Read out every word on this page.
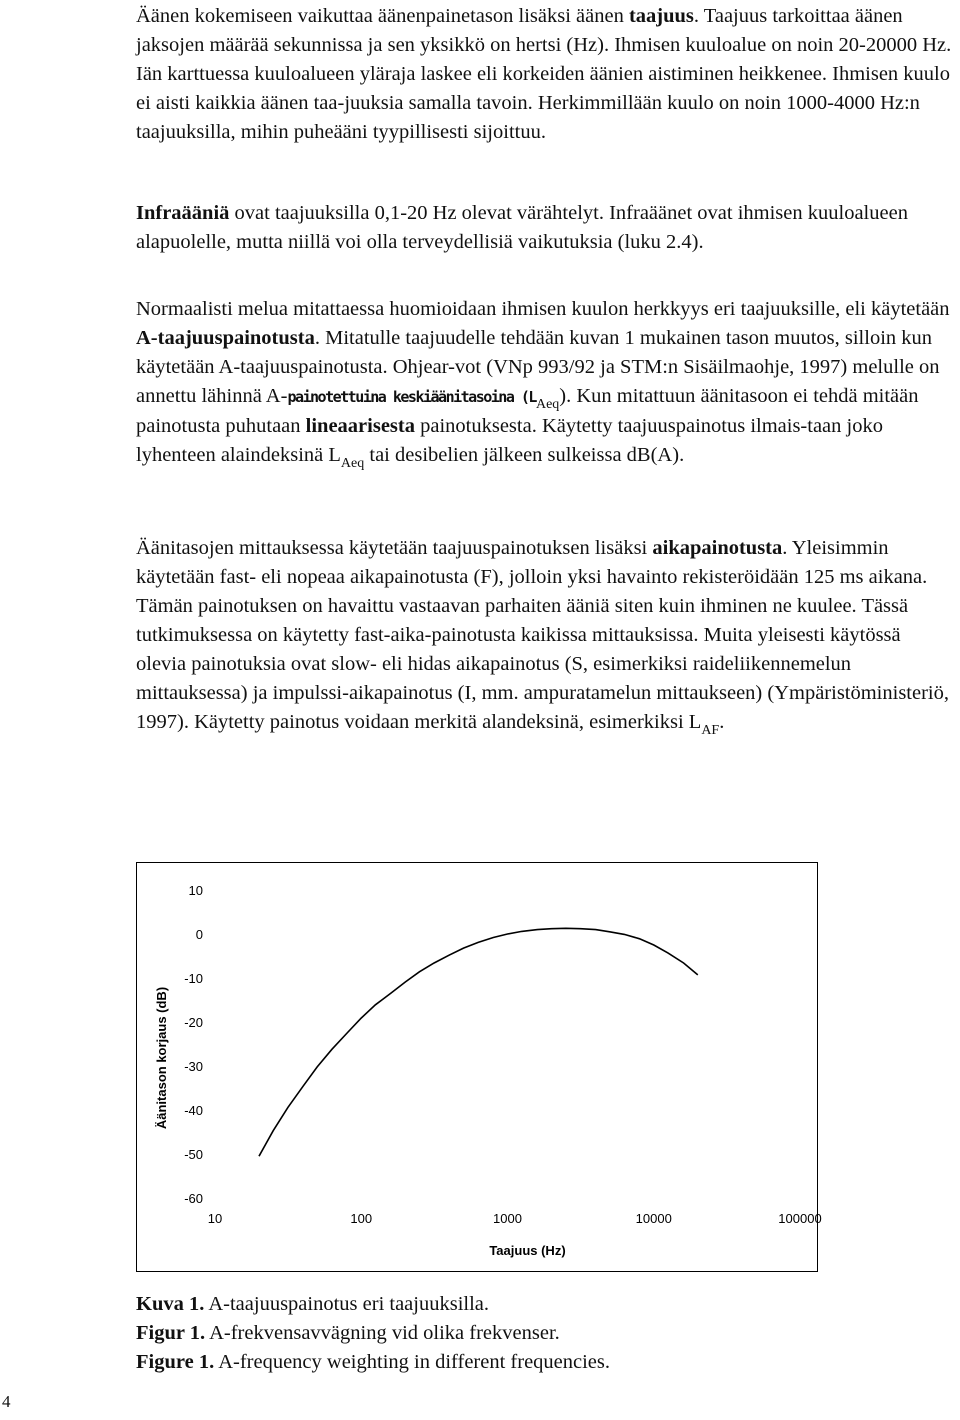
Äänen kokemiseen vaikuttaa äänenpainetason lisäksi äänen taajuus. Taajuus tarkoittaa äänen jaksojen määrää sekunnissa ja sen yksikkö on hertsi (Hz). Ihmisen kuuloalue on noin 20-20000 Hz. Iän karttuessa kuuloalueen yläraja laskee eli korkeiden äänien aistiminen heikkenee. Ihmisen kuulo ei aisti kaikkia äänen taa-juuksia samalla tavoin. Herkimmillään kuulo on noin 1000-4000 Hz:n taajuuksilla, mihin puheääni tyypillisesti sijoittuu.

Infraääniä ovat taajuuksilla 0,1-20 Hz olevat värähtelyt. Infraäänet ovat ihmisen kuuloalueen alapuolelle, mutta niillä voi olla terveydellisiä vaikutuksia (luku 2.4).

Normaalisti melua mitattaessa huomioidaan ihmisen kuulon herkkyys eri taajuuksille, eli käytetään A-taajuuspainotusta. Mitatulle taajuudelle tehdään kuvan 1 mukainen tason muutos, silloin kun käytetään A-taajuuspainotusta. Ohjear-vot (VNp 993/92 ja STM:n Sisäilmaohje, 1997) melulle on annettu lähinnä A-painotettuina keskiäänitasoina $(L_{Aeq})$. Kun mitattuun äänitasoon ei tehdä mitään painotusta puhutaan lineaarisesta painotuksesta. Käytetty taajuuspainotus ilmais-taan joko lyhenteen alaindeksinä $L_{Aeq}$ tai desibelien jälkeen sulkeissa dB(A).

Äänitasojen mittauksessa käytetään taajuuspainotuksen lisäksi aikapainotusta. Yleisimmin käytetään fast- eli nopeaa aikapainotusta (F), jolloin yksi havainto rekisteröidään 125 ms aikana. Tämän painotuksen on havaittu vastaavan parhaiten ääniä siten kuin ihminen ne kuulee. Tässä tutkimuksessa on käytetty fast-aika-painotusta kaikissa mittauksissa. Muita yleisesti käytössä olevia painotuksia ovat slow- eli hidas aikapainotus (S, esimerkiksi raideliikennemelun mittauksessa) ja impulssi-aikapainotus (I, mm. ampuratamelun mittaukseen) (Ympäristöministeriö, 1997). Käytetty painotus voidaan merkitä alandeksinä, esimerkiksi $L_{AF}$.

10
0
-10
-20
-30
-40
-50
-60
10	100	1000	10000	100000
Taajuus (Hz)
Äänitason korjaus (dB)

Kuva 1. A-taajuuspainotus eri taajuuksilla.

Figur 1. A-frekvensavvägning vid olika frekvenser.

Figure 1. A-frequency weighting in different frequencies.

4
